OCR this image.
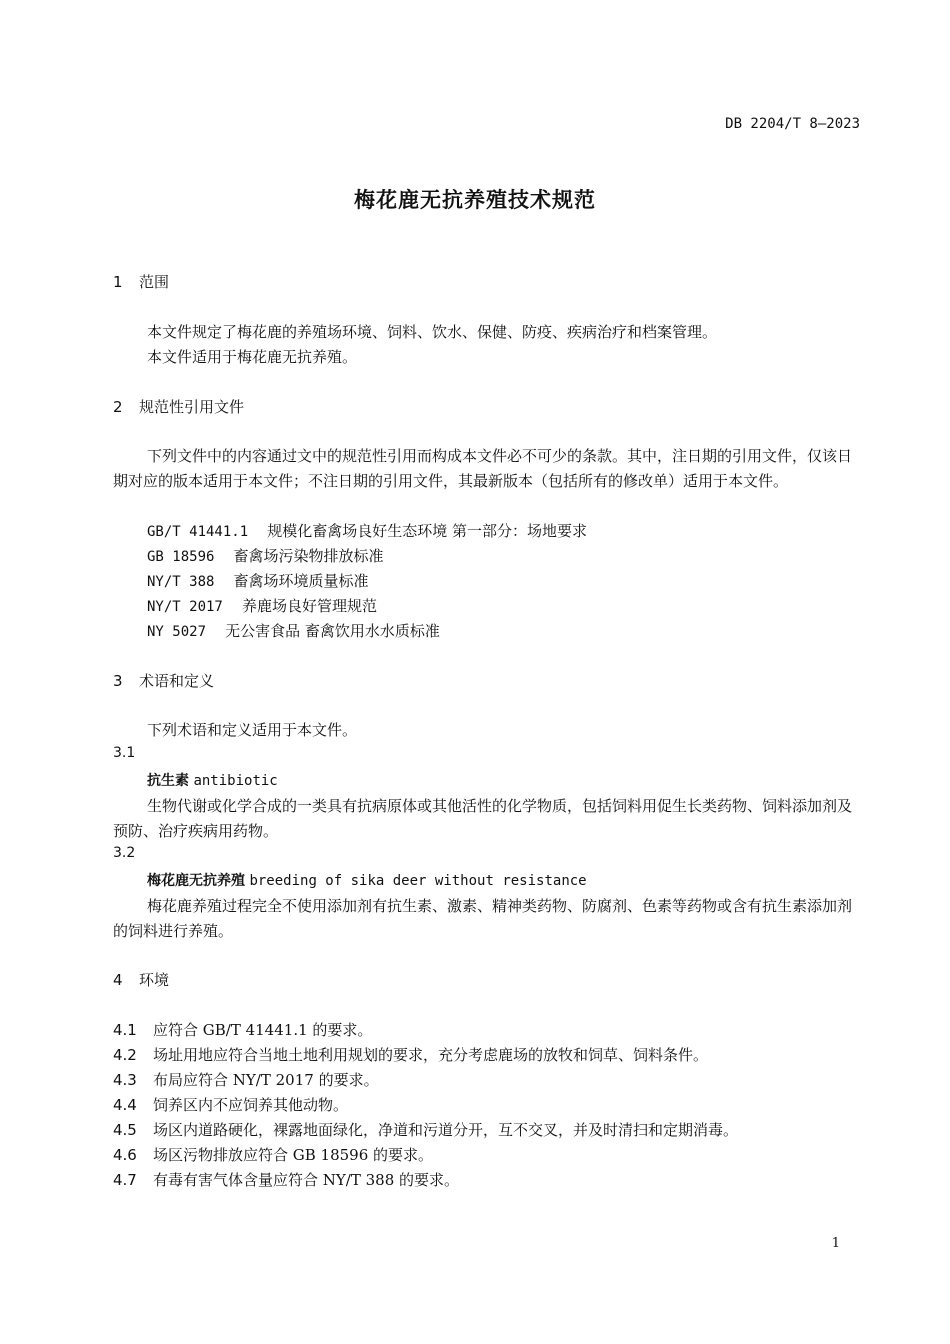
DB 2204/T 8—2023
梅花鹿无抗养殖技术规范
1 范围
本文件规定了梅花鹿的养殖场环境、饲料、饮水、保健、防疫、疾病治疗和档案管理。
本文件适用于梅花鹿无抗养殖。
2 规范性引用文件
下列文件中的内容通过文中的规范性引用而构成本文件必不可少的条款。其中，注日期的引用文件，仅该日期对应的版本适用于本文件；不注日期的引用文件，其最新版本（包括所有的修改单）适用于本文件。
GB/T 41441.1 规模化畜禽场良好生态环境 第一部分：场地要求
GB 18596 畜禽场污染物排放标准
NY/T 388 畜禽场环境质量标准
NY/T 2017 养鹿场良好管理规范
NY 5027 无公害食品 畜禽饮用水水质标准
3 术语和定义
下列术语和定义适用于本文件。
3.1
抗生素 antibiotic
生物代谢或化学合成的一类具有抗病原体或其他活性的化学物质，包括饲料用促生长类药物、饲料添加剂及预防、治疗疾病用药物。
3.2
梅花鹿无抗养殖 breeding of sika deer without resistance
梅花鹿养殖过程完全不使用添加剂有抗生素、激素、精神类药物、防腐剂、色素等药物或含有抗生素添加剂的饲料进行养殖。
4 环境
4.1 应符合 GB/T 41441.1 的要求。
4.2 场址用地应符合当地土地利用规划的要求，充分考虑鹿场的放牧和饲草、饲料条件。
4.3 布局应符合 NY/T 2017 的要求。
4.4 饲养区内不应饲养其他动物。
4.5 场区内道路硬化，裸露地面绿化，净道和污道分开，互不交叉，并及时清扫和定期消毒。
4.6 场区污物排放应符合 GB 18596 的要求。
4.7 有毒有害气体含量应符合 NY/T 388 的要求。
1
